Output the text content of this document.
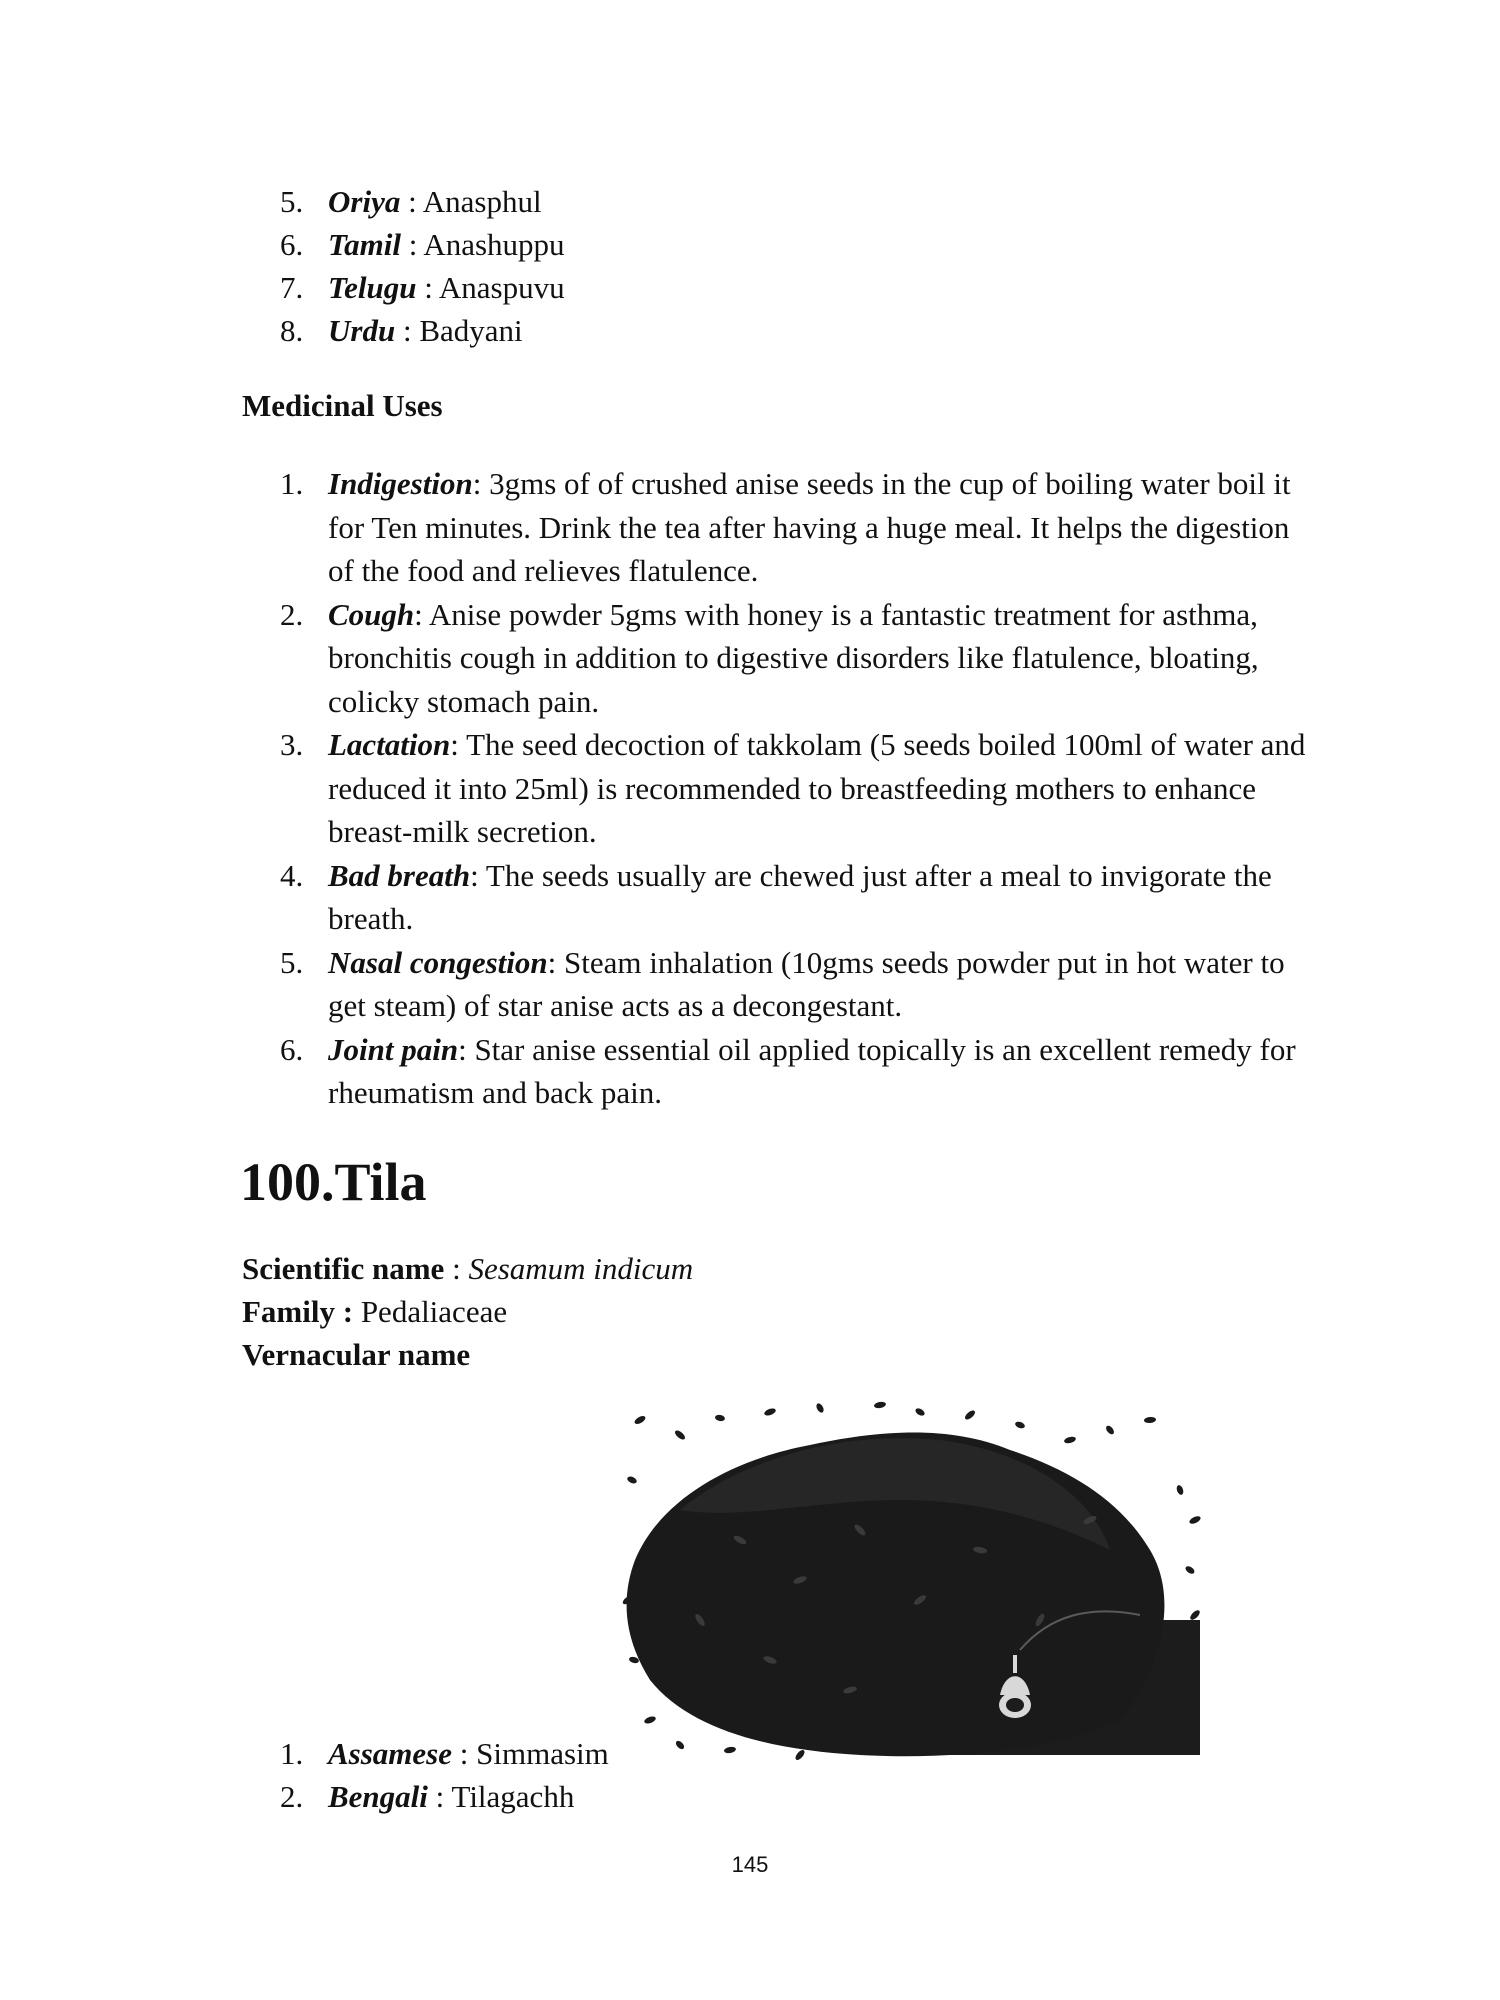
5. Oriya : Anasphul
6. Tamil : Anashuppu
7. Telugu : Anaspuvu
8. Urdu : Badyani
Medicinal Uses
1. Indigestion: 3gms of of crushed anise seeds in the cup of boiling water boil it for Ten minutes. Drink the tea after having a huge meal. It helps the digestion of the food and relieves flatulence.
2. Cough: Anise powder 5gms with honey is a fantastic treatment for asthma, bronchitis cough in addition to digestive disorders like flatulence, bloating, colicky stomach pain.
3. Lactation: The seed decoction of takkolam (5 seeds boiled 100ml of water and reduced it into 25ml) is recommended to breastfeeding mothers to enhance breast-milk secretion.
4. Bad breath: The seeds usually are chewed just after a meal to invigorate the breath.
5. Nasal congestion: Steam inhalation (10gms seeds powder put in hot water to get steam) of star anise acts as a decongestant.
6. Joint pain: Star anise essential oil applied topically is an excellent remedy for rheumatism and back pain.
100.Tila
Scientific name : Sesamum indicum
Family : Pedaliaceae
Vernacular name
1. Assamese : Simmasim
2. Bengali : Tilagachh
145
